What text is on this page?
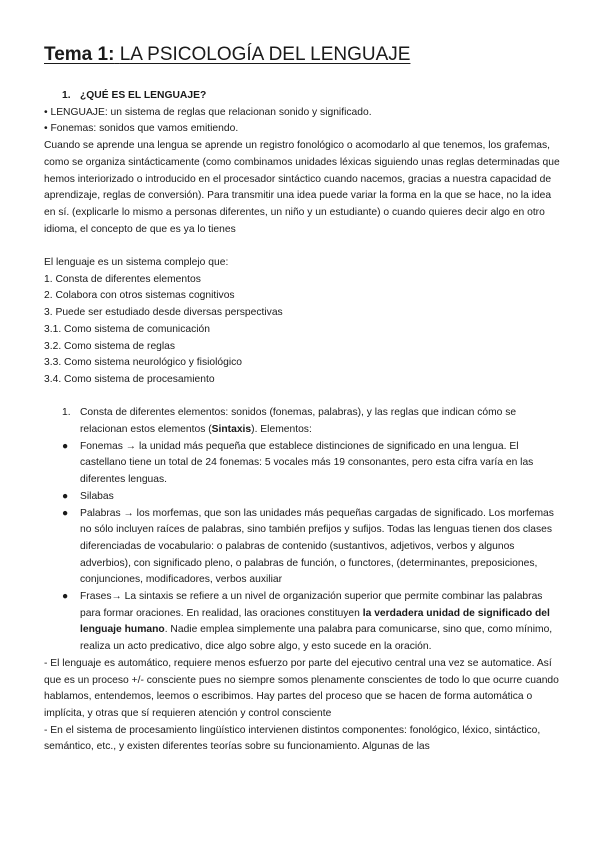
Tema 1: LA PSICOLOGÍA DEL LENGUAJE

1. ¿QUÉ ES EL LENGUAJE?

• LENGUAJE: un sistema de reglas que relacionan sonido y significado.

• Fonemas: sonidos que vamos emitiendo.

Cuando se aprende una lengua se aprende un registro fonológico o acomodarlo al que tenemos, los grafemas, como se organiza sintácticamente (como combinamos unidades léxicas siguiendo unas reglas determinadas que hemos interiorizado o introducido en el procesador sintáctico cuando nacemos, gracias a nuestra capacidad de aprendizaje, reglas de conversión). Para transmitir una idea puede variar la forma en la que se hace, no la idea en sí. (explicarle lo mismo a personas diferentes, un niño y un estudiante) o cuando quieres decir algo en otro idioma, el concepto de que es ya lo tienes

El lenguaje es un sistema complejo que:

1. Consta de diferentes elementos

2. Colabora con otros sistemas cognitivos

3. Puede ser estudiado desde diversas perspectivas

3.1. Como sistema de comunicación

3.2. Como sistema de reglas

3.3. Como sistema neurológico y fisiológico

3.4. Como sistema de procesamiento

1. Consta de diferentes elementos: sonidos (fonemas, palabras), y las reglas que indican cómo se relacionan estos elementos (Sintaxis). Elementos:
●	Fonemas → la unidad más pequeña que establece distinciones de significado en una lengua. El castellano tiene un total de 24 fonemas: 5 vocales más 19 consonantes, pero esta cifra varía en las diferentes lenguas.
●	Silabas
●	Palabras → los morfemas, que son las unidades más pequeñas cargadas de significado. Los morfemas no sólo incluyen raíces de palabras, sino también prefijos y sufijos. Todas las lenguas tienen dos clases diferenciadas de vocabulario: o palabras de contenido (sustantivos, adjetivos, verbos y algunos adverbios), con significado pleno, o palabras de función, o functores, (determinantes, preposiciones, conjunciones, modificadores, verbos auxiliar
●	Frases→ La sintaxis se refiere a un nivel de organización superior que permite combinar las palabras para formar oraciones. En realidad, las oraciones constituyen la verdadera unidad de significado del lenguaje humano. Nadie emplea simplemente una palabra para comunicarse, sino que, como mínimo, realiza un acto predicativo, dice algo sobre algo, y esto sucede en la oración.

- El lenguaje es automático, requiere menos esfuerzo por parte del ejecutivo central una vez se automatice. Así que es un proceso +/- consciente pues no siempre somos plenamente conscientes de todo lo que ocurre cuando hablamos, entendemos, leemos o escribimos. Hay partes del proceso que se hacen de forma automática o implícita, y otras que sí requieren atención y control consciente

- En el sistema de procesamiento lingüístico intervienen distintos componentes: fonológico, léxico, sintáctico, semántico, etc., y existen diferentes teorías sobre su funcionamiento. Algunas de las
